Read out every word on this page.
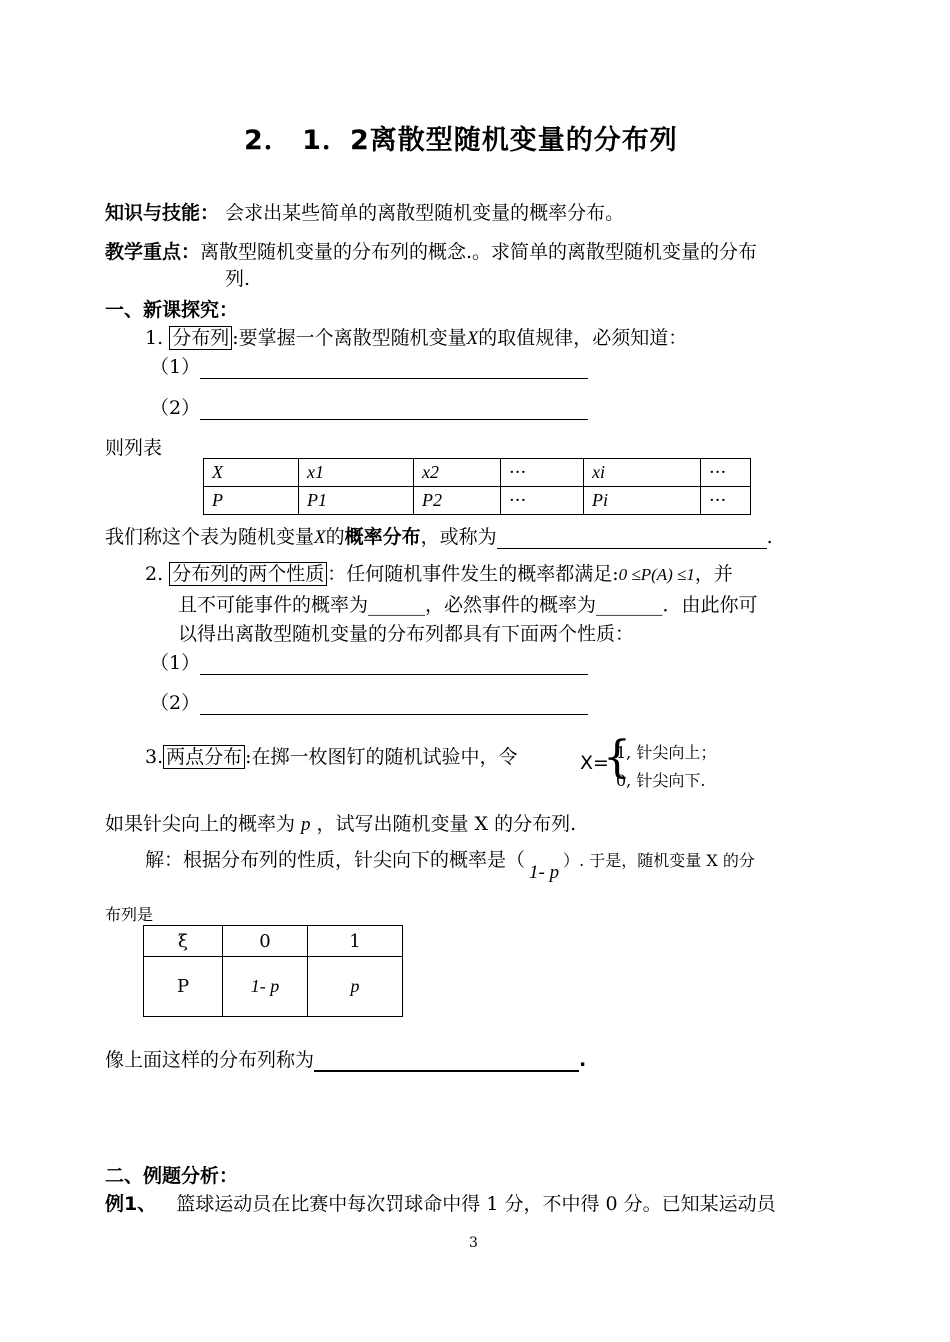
2． 1．2离散型随机变量的分布列
知识与技能： 会求出某些简单的离散型随机变量的概率分布。
教学重点：离散型随机变量的分布列的概念.。求简单的离散型随机变量的分布
列.
一、新课探究：
1. 分布列 :要掌握一个离散型随机变量X的取值规律，必须知道：
（1）
（2）
则列表
X	x1	x2	···	xi	···
P	P1	P2	···	Pi	···
我们称这个表为随机变量X的概率分布，或称为	.
2. 分布列的两个性质 ：任何随机事件发生的概率都满足:0 ≤P(A) ≤1，并
且不可能事件的概率为______，必然事件的概率为_______．由此你可
以得出离散型随机变量的分布列都具有下面两个性质：
（1）
（2）
3. 两点分布 :在掷一枚图钉的随机试验中，令	X=
{
1, 针尖向上；
0, 针尖向下.
如果针尖向上的概率为 p ，试写出随机变量 X 的分布列.
解：根据分布列的性质，针尖向下的概率是（1- p）. 于是，随机变量 X 的分
布列是
ξ	0	1
P	1- p	p
像上面这样的分布列称为	.
二、例题分析：
例1、 篮球运动员在比赛中每次罚球命中得 1 分，不中得 0 分。已知某运动员
3
